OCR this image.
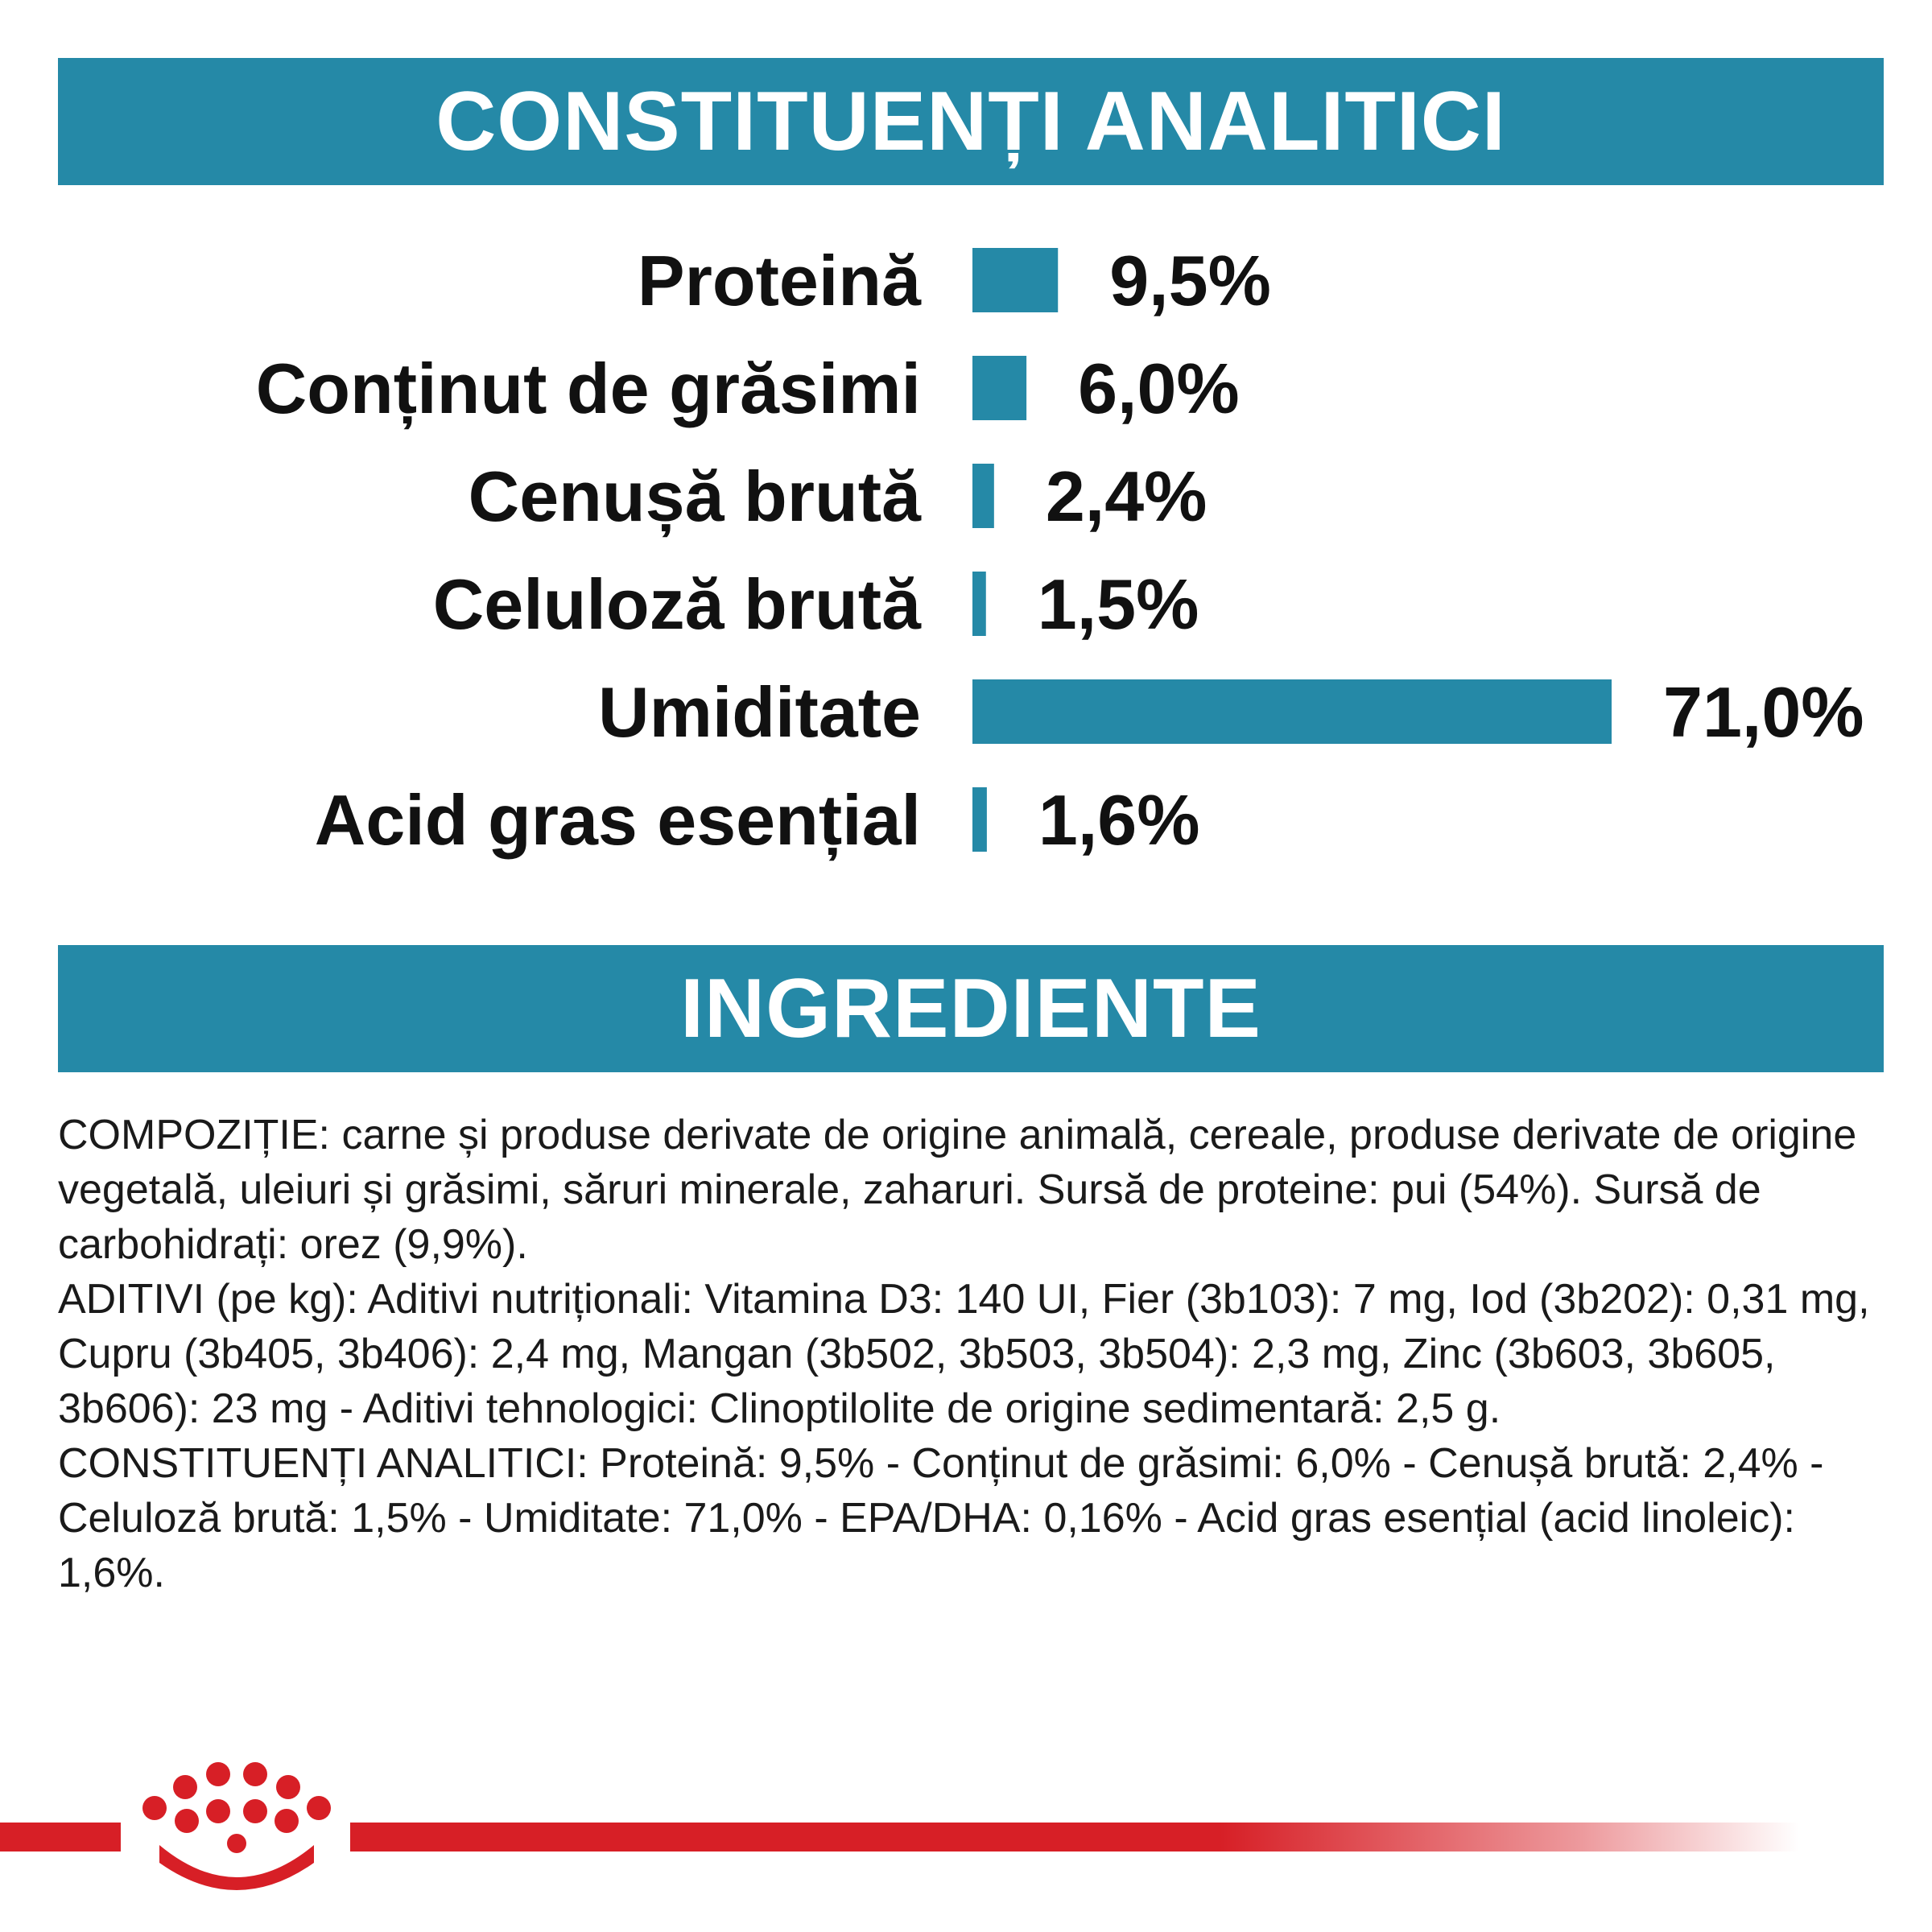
CONSTITUENȚI ANALITICI
Proteină	9,5%
Conținut de grăsimi 6,0%
Cenușă brută 2,4%
Celuloză brută 1,5%
Umiditate	71,0%
Acid gras esențial 1,6%
INGREDIENTE

COMPOZIȚIE: carne și produse derivate de origine animală, cereale, produse derivate de origine vegetală, uleiuri și grăsimi, săruri minerale, zaharuri. Sursă de proteine: pui (54%). Sursă de carbohidrați: orez (9,9%).

ADITIVI (pe kg): Aditivi nutriționali: Vitamina D3: 140 UI, Fier (3b103): 7 mg, Iod (3b202): 0,31 mg, Cupru (3b405, 3b406): 2,4 mg, Mangan (3b502, 3b503, 3b504): 2,3 mg, Zinc (3b603, 3b605, 3b606): 23 mg - Aditivi tehnologici: Clinoptilolite de origine sedimentară: 2,5 g.

CONSTITUENȚI ANALITICI: Proteină: 9,5% - Conținut de grăsimi: 6,0% - Cenușă brută: 2,4% - Celuloză brută: 1,5% - Umiditate: 71,0% - EPA/DHA: 0,16% - Acid gras esențial (acid linoleic): 1,6%.
